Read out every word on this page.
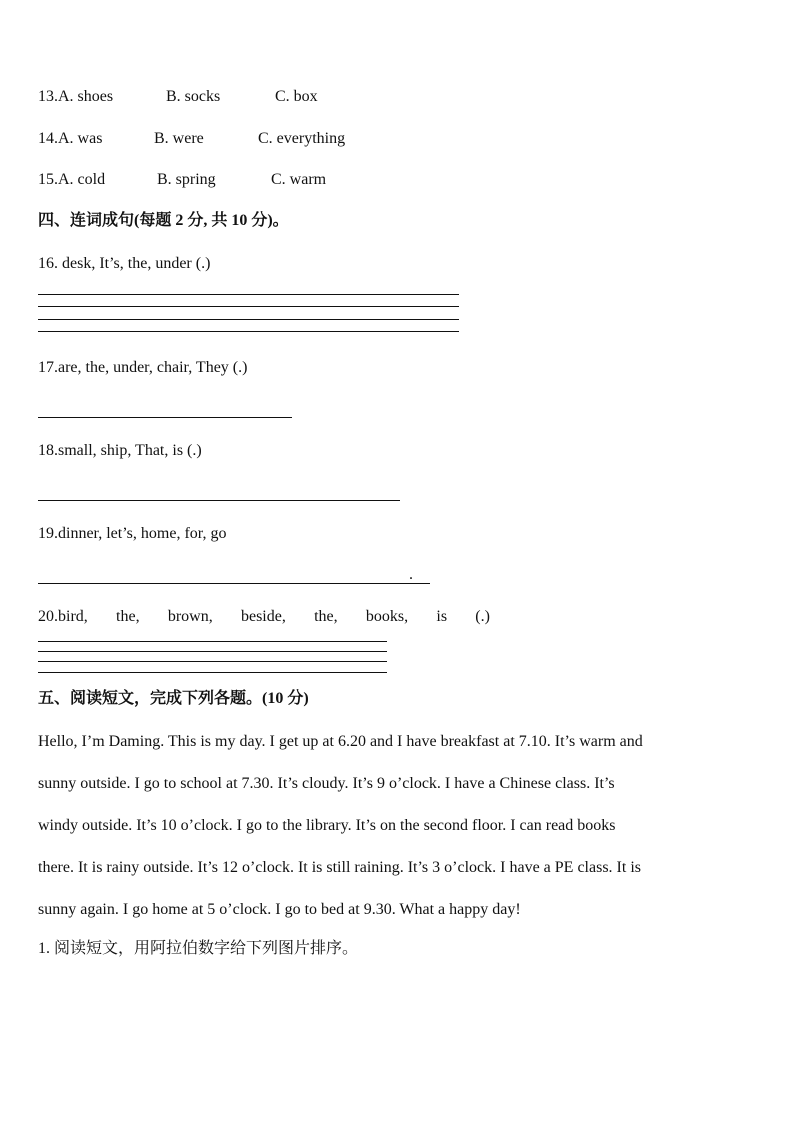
13.A. shoes	B. socks	C. box
14.A. was	B. were	C. everything
15.A. cold	B. spring	C. warm
四、连词成句(每题 2 分, 共 10 分)。
16. desk, It’s, the, under (.)
17.are, the, under, chair, They (.)
18.small, ship, That, is (.)
19.dinner, let’s, home, for, go
.
20.bird, the, brown, beside, the, books, is (.)
五、阅读短文，完成下列各题。(10 分)
Hello, I’m Daming. This is my day. I get up at 6.20 and I have breakfast at 7.10. It’s warm and
sunny outside. I go to school at 7.30. It’s cloudy. It’s 9 o’clock. I have a Chinese class. It’s
windy outside. It’s 10 o’clock. I go to the library. It’s on the second floor. I can read books
there. It is rainy outside. It’s 12 o’clock. It is still raining. It’s 3 o’clock. I have a PE class. It is
sunny again. I go home at 5 o’clock. I go to bed at 9.30. What a happy day!
1. 阅读短文，用阿拉伯数字给下列图片排序。
